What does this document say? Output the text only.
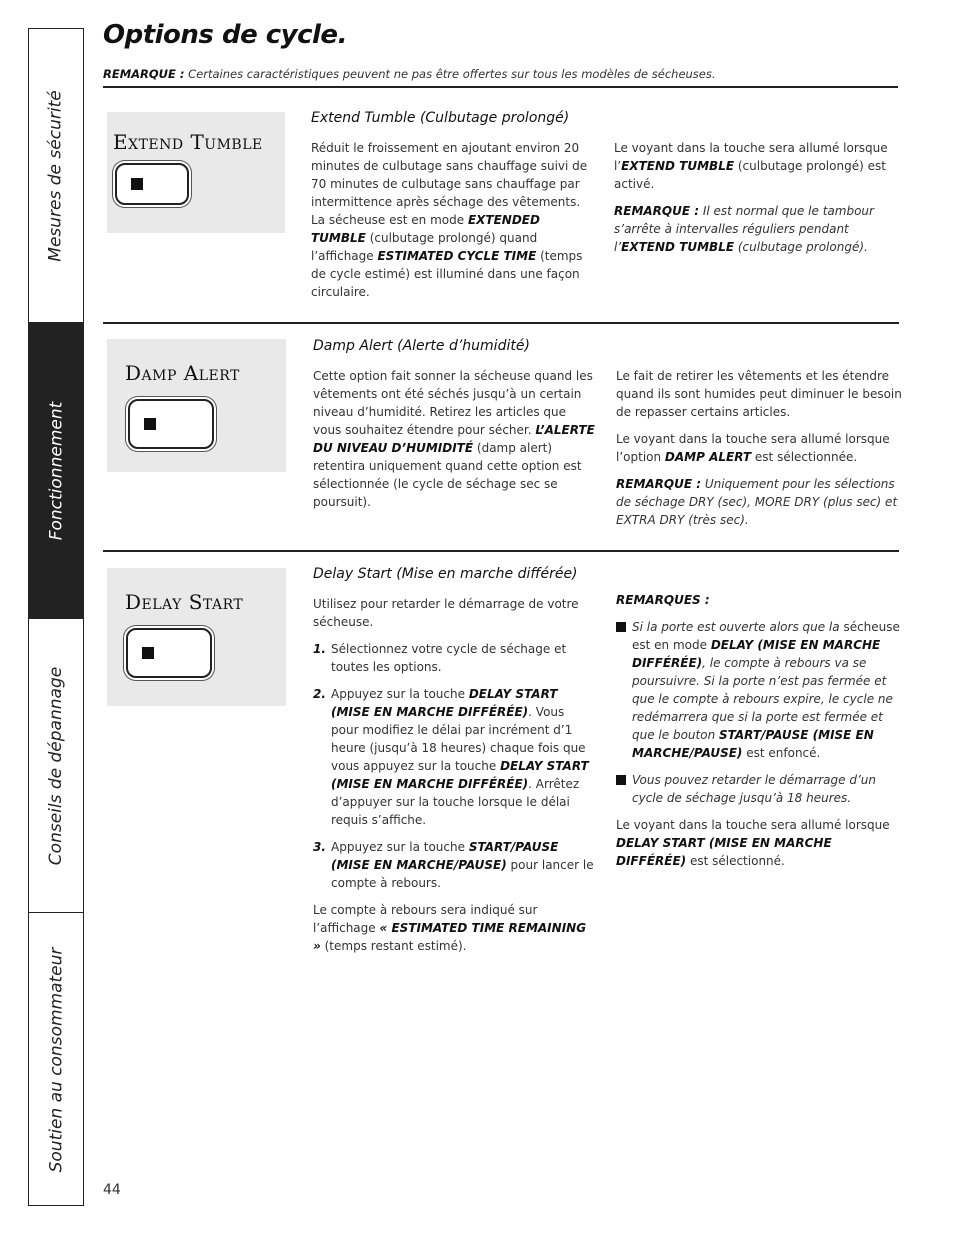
Mesures de sécurité
Fonctionnement
Conseils de dépannage
Soutien au consommateur
Options de cycle.
REMARQUE : Certaines caractéristiques peuvent ne pas être offertes sur tous les modèles de sécheuses.
Extend Tumble
Extend Tumble (Culbutage prolongé)

Réduit le froissement en ajoutant environ 20 minutes de culbutage sans chauffage suivi de 70 minutes de culbutage sans chauffage par intermittence après séchage des vêtements. La sécheuse est en mode EXTENDED TUMBLE (culbutage prolongé) quand l’affichage ESTIMATED CYCLE TIME (temps de cycle estimé) est illuminé dans une façon circulaire.

Le voyant dans la touche sera allumé lorsque l’EXTEND TUMBLE (culbutage prolongé) est activé.

REMARQUE : Il est normal que le tambour s’arrête à intervalles réguliers pendant l’EXTEND TUMBLE (culbutage prolongé).

Damp Alert
Damp Alert (Alerte d’humidité)

Cette option fait sonner la sécheuse quand les vêtements ont été séchés jusqu’à un certain niveau d’humidité. Retirez les articles que vous souhaitez étendre pour sécher. L’ALERTE DU NIVEAU D’HUMIDITÉ (damp alert) retentira uniquement quand cette option est sélectionnée (le cycle de séchage sec se poursuit).

Le fait de retirer les vêtements et les étendre quand ils sont humides peut diminuer le besoin de repasser certains articles.

Le voyant dans la touche sera allumé lorsque l’option DAMP ALERT est sélectionnée.

REMARQUE : Uniquement pour les sélections de séchage DRY (sec), MORE DRY (plus sec) et EXTRA DRY (très sec).

Delay Start
Delay Start (Mise en marche différée)

Utilisez pour retarder le démarrage de votre sécheuse.

1. Sélectionnez votre cycle de séchage et toutes les options.
2. Appuyez sur la touche DELAY START (MISE EN MARCHE DIFFÉRÉE). Vous pour modifiez le délai par incrément d’1 heure (jusqu’à 18 heures) chaque fois que vous appuyez sur la touche DELAY START (MISE EN MARCHE DIFFÉRÉE). Arrêtez d’appuyer sur la touche lorsque le délai requis s’affiche.
3. Appuyez sur la touche START/PAUSE (MISE EN MARCHE/PAUSE) pour lancer le compte à rebours.

Le compte à rebours sera indiqué sur l’affichage « ESTIMATED TIME REMAINING » (temps restant estimé).

REMARQUES :

Si la porte est ouverte alors que la sécheuse est en mode DELAY (MISE EN MARCHE DIFFÉRÉE), le compte à rebours va se poursuivre. Si la porte n’est pas fermée et que le compte à rebours expire, le cycle ne redémarrera que si la porte est fermée et que le bouton START/PAUSE (MISE EN MARCHE/PAUSE) est enfoncé.
Vous pouvez retarder le démarrage d’un cycle de séchage jusqu’à 18 heures.

Le voyant dans la touche sera allumé lorsque DELAY START (MISE EN MARCHE DIFFÉRÉE) est sélectionné.

44
